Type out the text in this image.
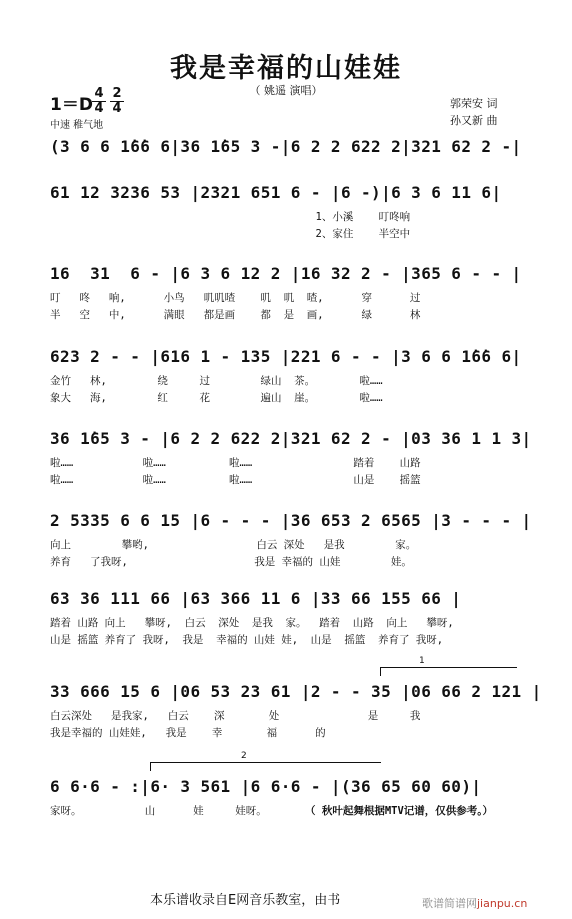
我是幸福的山娃娃

（ 姚遥 演唱）

1＝D
4
4
2
4
中速 稚气地
郭荣安 词
孙又新 曲
(3 6 6 1̇6̇6 6|36 1̇65 3 -|6 2 2 622 2|321 62 2 -|
61 12 3236 53 |2321 651 6 - |6 -)|6 3 6 11 6|
1、小溪    叮咚响
2、家住    半空中
16  31  6 - |6 3 6 12 2 |16 32 2 - |365 6 - - |
叮   咚   响,      小鸟   叽叽喳    叽  叽  喳,      穿      过
半   空   中,      满眼   都是画    都  是  画,      绿      林
623 2 - - |616 1 - 135 |221 6 - - |3 6 6 1̇6̇6 6|
金竹   林,        绕     过        绿山  茶。       啦……
象大   海,        红     花        遍山  崖。       啦……
36 1̇65 3 - |6 2 2 622 2|321 62 2 - |03 36 1 1 3|
啦……           啦……          啦……                踏着    山路
啦……           啦……          啦……                山是    摇篮
2 5335 6 6 15 |6 - - - |36 653 2 6565 |3 - - - |
向上        攀哟,                 白云 深处   是我        家。
养育   了我呀,                    我是 幸福的 山娃        娃。
63 36 111 66 |63 366 11 6 |33 66 155 66 |
踏着 山路 向上   攀呀,  白云  深处  是我  家。  踏着  山路  向上   攀呀,
山是 摇篮 养育了 我呀,  我是  幸福的 山娃 娃,  山是  摇篮  养育了 我呀,
1
33 666 15 6 |06 53 23 61 |2 - - 35 |06 66 2 121 |
白云深处   是我家,   白云    深       处              是     我
我是幸福的 山娃娃,   我是    幸       福      的
2
6 6·6 - :|6· 3 561 |6 6·6 - |(36 65 60 60)|
家呀。          山      娃     娃呀。	（ 秋叶起舞根据MTV记谱，仅供参考。）
本乐谱收录自E网音乐教室，由书	歌谱简谱网jianpu.cn
